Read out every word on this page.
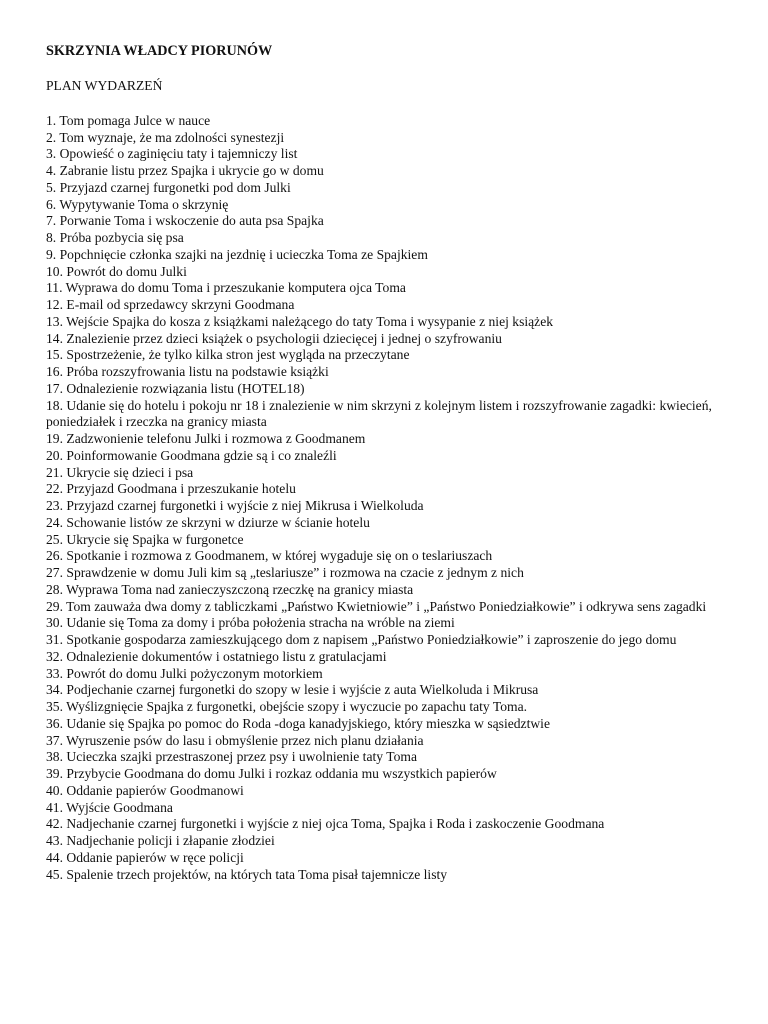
SKRZYNIA WŁADCY PIORUNÓW

PLAN WYDARZEŃ

1. Tom pomaga Julce w nauce
2. Tom wyznaje, że ma zdolności synestezji
3. Opowieść o zaginięciu taty i tajemniczy list
4. Zabranie listu przez Spajka i ukrycie go w domu
5. Przyjazd czarnej furgonetki pod dom Julki
6. Wypytywanie Toma o skrzynię
7. Porwanie Toma i wskoczenie do auta psa Spajka
8. Próba pozbycia się psa
9. Popchnięcie członka szajki na jezdnię i ucieczka Toma ze Spajkiem
10. Powrót do domu Julki
11. Wyprawa do domu Toma i przeszukanie komputera ojca Toma
12. E-mail od sprzedawcy skrzyni Goodmana
13. Wejście Spajka do kosza z książkami należącego do taty Toma i wysypanie z niej książek
14. Znalezienie przez dzieci książek o psychologii dziecięcej i jednej o szyfrowaniu
15. Spostrzeżenie, że tylko kilka stron jest wygląda na przeczytane
16. Próba rozszyfrowania listu na podstawie książki
17. Odnalezienie rozwiązania listu (HOTEL18)
18. Udanie się do hotelu i pokoju nr 18 i znalezienie w nim skrzyni z kolejnym listem i rozszyfrowanie zagadki: kwiecień, poniedziałek i rzeczka na granicy miasta
19. Zadzwonienie telefonu Julki i rozmowa z Goodmanem
20. Poinformowanie Goodmana gdzie są i co znaleźli
21. Ukrycie się dzieci i psa
22. Przyjazd Goodmana i przeszukanie hotelu
23. Przyjazd czarnej furgonetki i wyjście z niej Mikrusa i Wielkoluda
24. Schowanie listów ze skrzyni w dziurze w ścianie hotelu
25. Ukrycie się Spajka w furgonetce
26. Spotkanie i rozmowa z Goodmanem, w której wygaduje się on o teslariuszach
27. Sprawdzenie w domu Juli kim są „teslariusze” i rozmowa na czacie z jednym z nich
28. Wyprawa Toma nad zanieczyszczoną rzeczkę na granicy miasta
29. Tom zauważa dwa domy z tabliczkami „Państwo Kwietniowie” i „Państwo Poniedziałkowie” i odkrywa sens zagadki
30. Udanie się Toma za domy i próba położenia stracha na wróble na ziemi
31. Spotkanie gospodarza zamieszkującego dom z napisem „Państwo Poniedziałkowie” i zaproszenie do jego domu
32. Odnalezienie dokumentów i ostatniego listu z gratulacjami
33. Powrót do domu Julki pożyczonym motorkiem
34. Podjechanie czarnej furgonetki do szopy w lesie i wyjście z auta Wielkoluda i Mikrusa
35. Wyślizgnięcie Spajka z furgonetki, obejście szopy i wyczucie po zapachu taty Toma.
36. Udanie się Spajka po pomoc do Roda -doga kanadyjskiego, który mieszka w sąsiedztwie
37. Wyruszenie psów do lasu i obmyślenie przez nich planu działania
38. Ucieczka szajki przestraszonej przez psy i uwolnienie taty Toma
39. Przybycie Goodmana do domu Julki i rozkaz oddania mu wszystkich papierów
40. Oddanie papierów Goodmanowi
41. Wyjście Goodmana
42. Nadjechanie czarnej furgonetki i wyjście z niej ojca Toma, Spajka i Roda i zaskoczenie Goodmana
43. Nadjechanie policji i złapanie złodziei
44. Oddanie papierów w ręce policji
45. Spalenie trzech projektów, na których tata Toma pisał tajemnicze listy
